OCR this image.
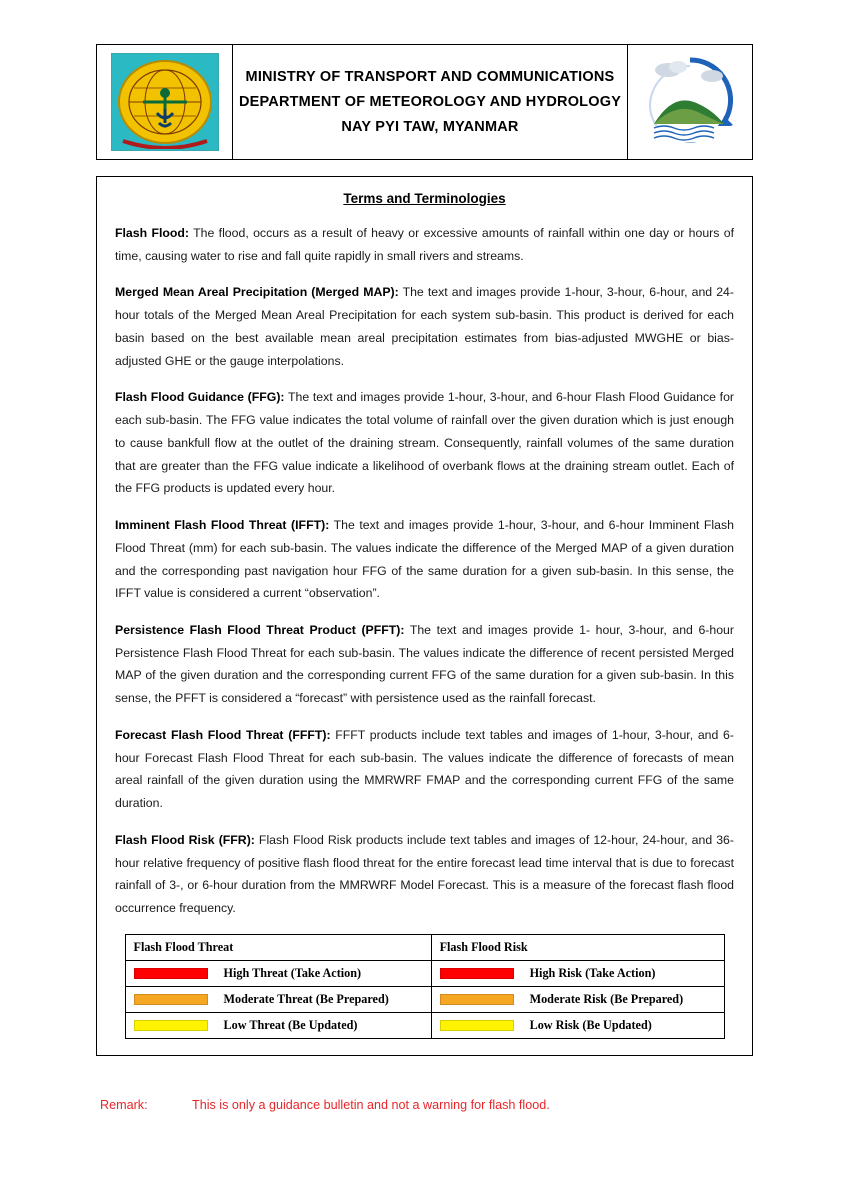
MINISTRY OF TRANSPORT AND COMMUNICATIONS
DEPARTMENT OF METEOROLOGY AND HYDROLOGY
NAY PYI TAW, MYANMAR
Terms and Terminologies

Flash Flood: The flood, occurs as a result of heavy or excessive amounts of rainfall within one day or hours of time, causing water to rise and fall quite rapidly in small rivers and streams.

Merged Mean Areal Precipitation (Merged MAP): The text and images provide 1-hour, 3-hour, 6-hour, and 24-hour totals of the Merged Mean Areal Precipitation for each system sub-basin. This product is derived for each basin based on the best available mean areal precipitation estimates from bias-adjusted MWGHE or bias-adjusted GHE or the gauge interpolations.

Flash Flood Guidance (FFG): The text and images provide 1-hour, 3-hour, and 6-hour Flash Flood Guidance for each sub-basin. The FFG value indicates the total volume of rainfall over the given duration which is just enough to cause bankfull flow at the outlet of the draining stream. Consequently, rainfall volumes of the same duration that are greater than the FFG value indicate a likelihood of overbank flows at the draining stream outlet. Each of the FFG products is updated every hour.

Imminent Flash Flood Threat (IFFT): The text and images provide 1-hour, 3-hour, and 6-hour Imminent Flash Flood Threat (mm) for each sub-basin. The values indicate the difference of the Merged MAP of a given duration and the corresponding past navigation hour FFG of the same duration for a given sub-basin. In this sense, the IFFT value is considered a current “observation”.

Persistence Flash Flood Threat Product (PFFT): The text and images provide 1- hour, 3-hour, and 6-hour Persistence Flash Flood Threat for each sub-basin. The values indicate the difference of recent persisted Merged MAP of the given duration and the corresponding current FFG of the same duration for a given sub-basin. In this sense, the PFFT is considered a “forecast” with persistence used as the rainfall forecast.

Forecast Flash Flood Threat (FFFT): FFFT products include text tables and images of 1-hour, 3-hour, and 6-hour Forecast Flash Flood Threat for each sub-basin. The values indicate the difference of forecasts of mean areal rainfall of the given duration using the MMRWRF FMAP and the corresponding current FFG of the same duration.

Flash Flood Risk (FFR): Flash Flood Risk products include text tables and images of 12-hour, 24-hour, and 36-hour relative frequency of positive flash flood threat for the entire forecast lead time interval that is due to forecast rainfall of 3-, or 6-hour duration from the MMRWRF Model Forecast. This is a measure of the forecast flash flood occurrence frequency.

Flash Flood Threat	Flash Flood Risk

High Threat (Take Action)	High Risk (Take Action)

Moderate Threat (Be Prepared)	Moderate Risk (Be Prepared)

Low Threat (Be Updated)	Low Risk (Be Updated)
Remark:	This is only a guidance bulletin and not a warning for flash flood.
